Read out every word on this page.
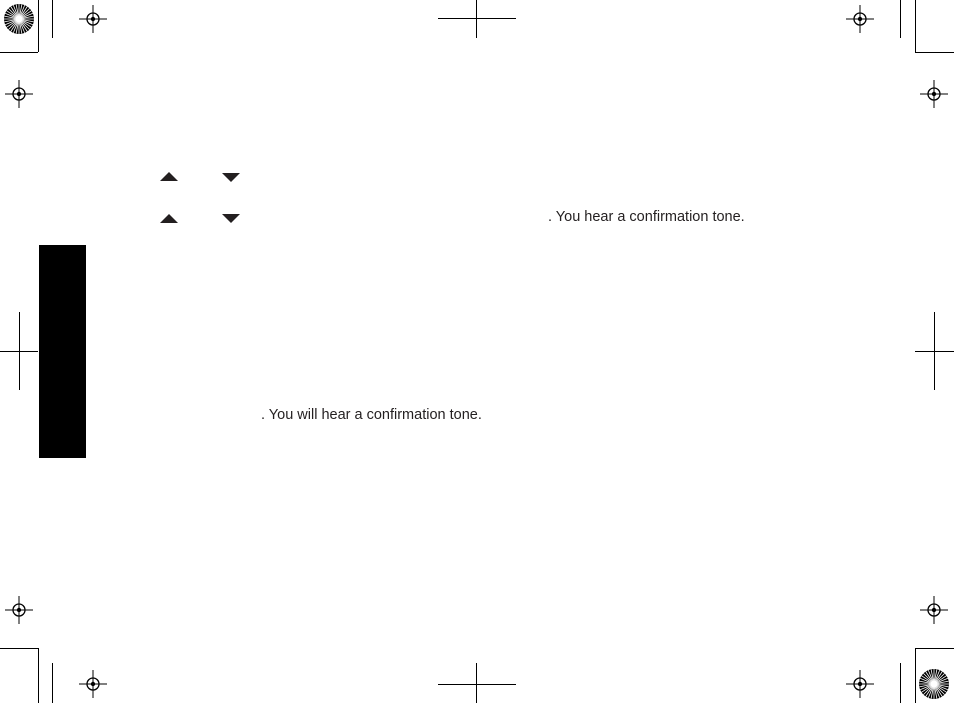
. You hear a confirmation tone.
. You will hear a confirmation tone.
